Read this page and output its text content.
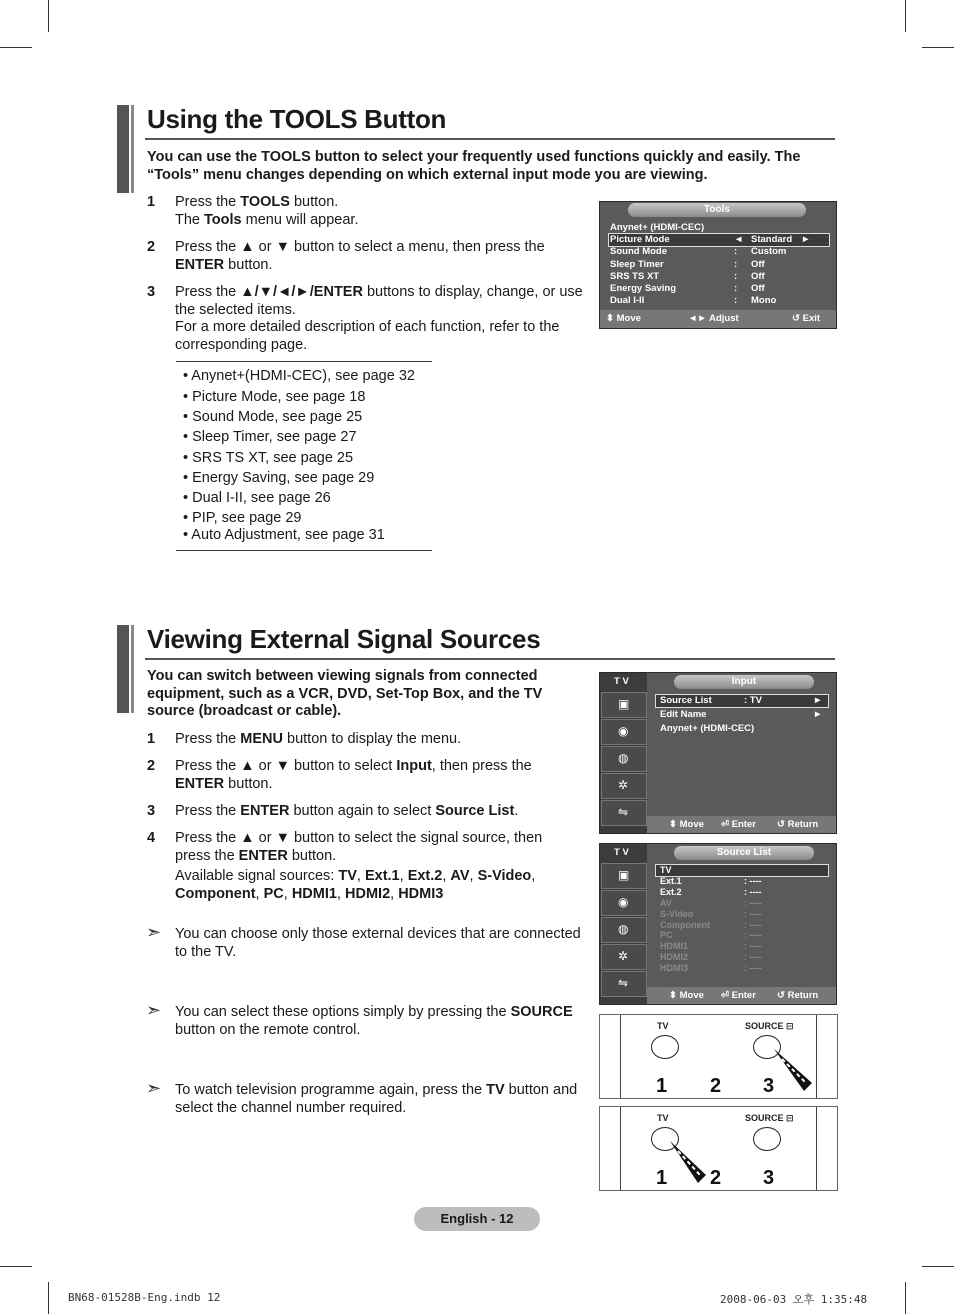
Using the TOOLS Button
You can use the TOOLS button to select your frequently used functions quickly and easily. The “Tools” menu changes depending on which external input mode you are viewing.
1 Press the TOOLS button.
The Tools menu will appear.
2 Press the ▲ or ▼ button to select a menu, then press the ENTER button.
3 Press the ▲/▼/◄/►/ENTER buttons to display, change, or use the selected items.
For a more detailed description of each function, refer to the corresponding page.
• Anynet+(HDMI-CEC), see page 32
• Picture Mode, see page 18
• Sound Mode, see page 25
• Sleep Timer, see page 27
• SRS TS XT, see page 25
• Energy Saving, see page 29
• Dual I-II, see page 26
• PIP, see page 29
• Auto Adjustment, see page 31
Tools
⬍ Move	◄► Adjust	↺ Exit
Anynet+ (HDMI-CEC)
Picture Mode	◄ Standard ►
Sound Mode	: Custom
Sleep Timer	: Off
SRS TS XT	: Off
Energy Saving	: Off
Dual I-II	: Mono
Viewing External Signal Sources
You can switch between viewing signals from connected equipment, such as a VCR, DVD, Set-Top Box, and the TV source (broadcast or cable).
1 Press the MENU button to display the menu.
2 Press the ▲ or ▼ button to select Input, then press the ENTER button.
3 Press the ENTER button again to select Source List.
4 Press the ▲ or ▼ button to select the signal source, then press the ENTER button.
Available signal sources: TV, Ext.1, Ext.2, AV, S-Video, Component, PC, HDMI1, HDMI2, HDMI3
➣ You can choose only those external devices that are connected to the TV.
➣ You can select these options simply by pressing the SOURCE button on the remote control.
➣ To watch television programme again, press the TV button and select the channel number required.
T V
▣
◉
◍
✲
⇋
Input
⬍ Move ⏎ Enter ↺ Return
Source List	: TV	►
Edit Name	►
Anynet+ (HDMI-CEC)
T V
▣
◉
◍
✲
⇋
Source List
⬍ Move ⏎ Enter ↺ Return
TV
Ext.1	: ----
Ext.2	: ----
AV	: ----
S-Video	: ----
Component	: ----
PC	: ----
HDMI1	: ----
HDMI2	: ----
HDMI3	: ----
TV	SOURCE ⊟
1 2 3
TV	SOURCE ⊟
1 2 3
English - 12
BN68-01528B-Eng.indb 12	2008-06-03 오후 1:35:48
